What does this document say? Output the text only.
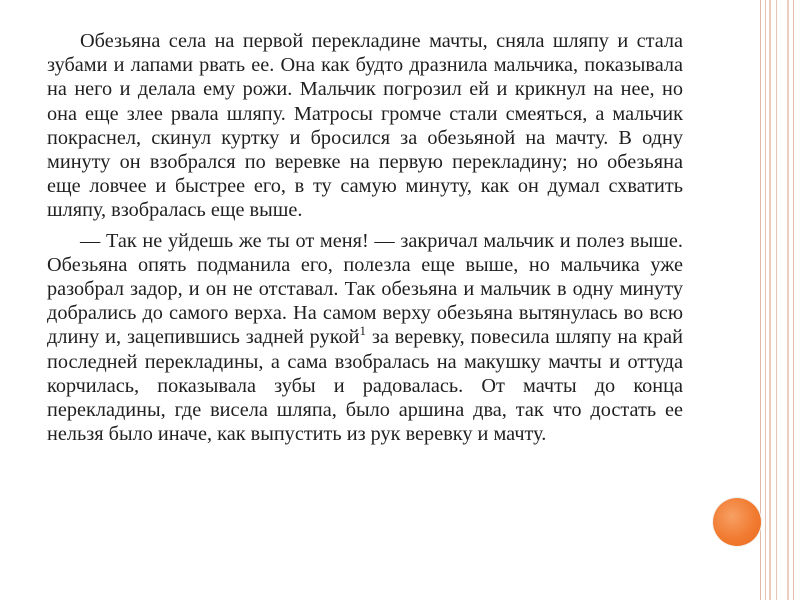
Обезьяна села на первой перекладине мачты, сняла шляпу и стала зубами и лапами рвать ее. Она как будто дразнила мальчика, показывала на него и делала ему рожи. Мальчик погрозил ей и крикнул на нее, но она еще злее рвала шляпу. Матросы громче стали смеяться, а мальчик покраснел, скинул куртку и бросился за обезьяной на мачту. В одну минуту он взобрался по веревке на первую перекладину; но обезьяна еще ловчее и быстрее его, в ту самую минуту, как он думал схватить шляпу, взобралась еще выше.

— Так не уйдешь же ты от меня! — закричал мальчик и полез выше. Обезьяна опять подманила его, полезла еще выше, но мальчика уже разобрал задор, и он не отставал. Так обезьяна и мальчик в одну минуту добрались до самого верха. На самом верху обезьяна вытянулась во всю длину и, зацепившись задней рукой$^1$ за веревку, повесила шляпу на край последней перекладины, а сама взобралась на макушку мачты и оттуда корчилась, показывала зубы и радовалась. От мачты до конца перекладины, где висела шляпа, было аршина два, так что достать ее нельзя было иначе, как выпустить из рук веревку и мачту.
